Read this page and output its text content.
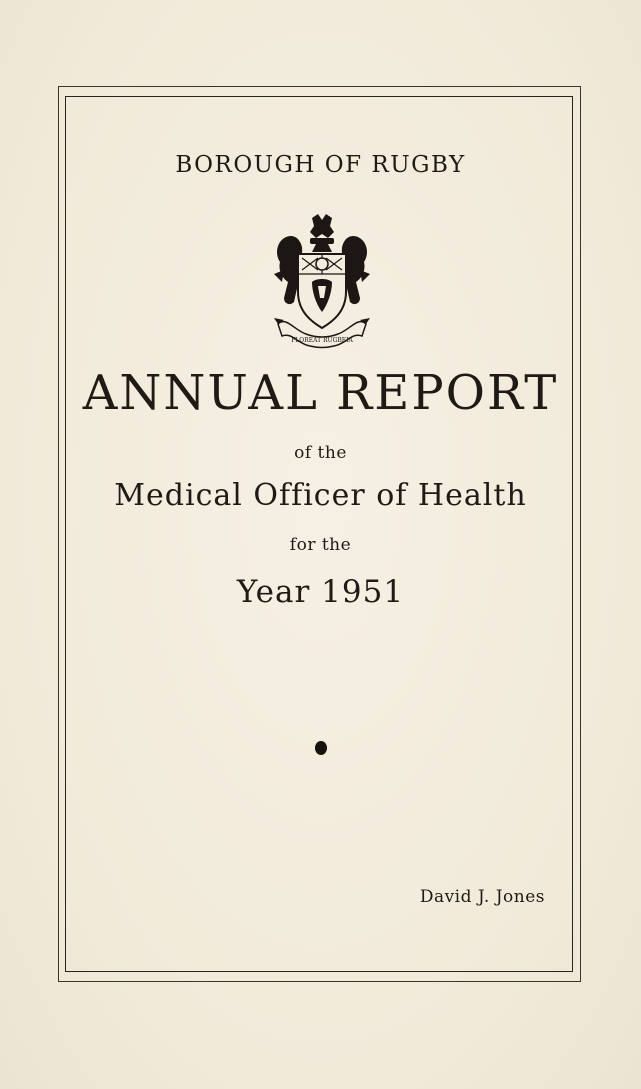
BOROUGH OF RUGBY
FLOREAT RUGBEIA
ANNUAL REPORT
of the
Medical Officer of Health
for the
Year 1951
David J. Jones
